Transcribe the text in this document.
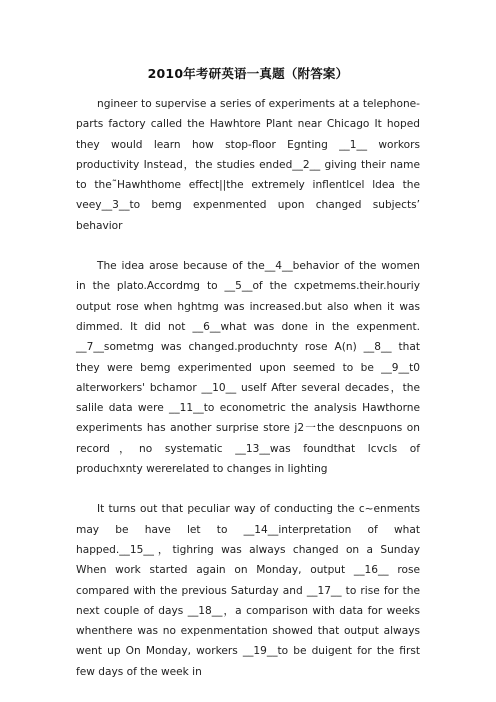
2010年考研英语一真题（附答案）

ngineer to supervise a series of experiments at a telephone-parts factory called the Hawhtore Plant near Chicago It hoped they would learn how stop-floor Egnting __1__ workors productivity Instead，the studies ended__2__ giving their name to the˜Hawhthome effect||the extremely inflentlcel ldea the veey__3__to bemg expenmented upon changed subjects’ behavior

The idea arose because of the__4__behavior of the women in the plato.Accordmg to __5__of the cxpetmems.their.houriy output rose when hghtmg was increased.but also when it was dimmed. It did not __6__what was done in the expenment. __7__sometmg was changed.produchnty rose A(n) __8__ that they were bemg experimented upon seemed to be __9__t0 alterworkers' bchamor __10__ uself After several decades，the salile data were __11__to econometric the analysis Hawthorne experiments has another surprise store j2一the descnpuons on record，no systematic __13__was foundthat lcvcls of produchxnty wererelated to changes in lighting

It turns out that peculiar way of conducting the c~enments may be have let to __14__interpretation of what happed.__15__，tighring was always changed on a Sunday When work started again on Monday, output __16__ rose compared with the previous Saturday and __17__ to rise for the next couple of days __18__，a comparison with data for weeks whenthere was no expenmentation showed that output always went up On Monday, workers __19__to be duigent for the first few days of the week in
